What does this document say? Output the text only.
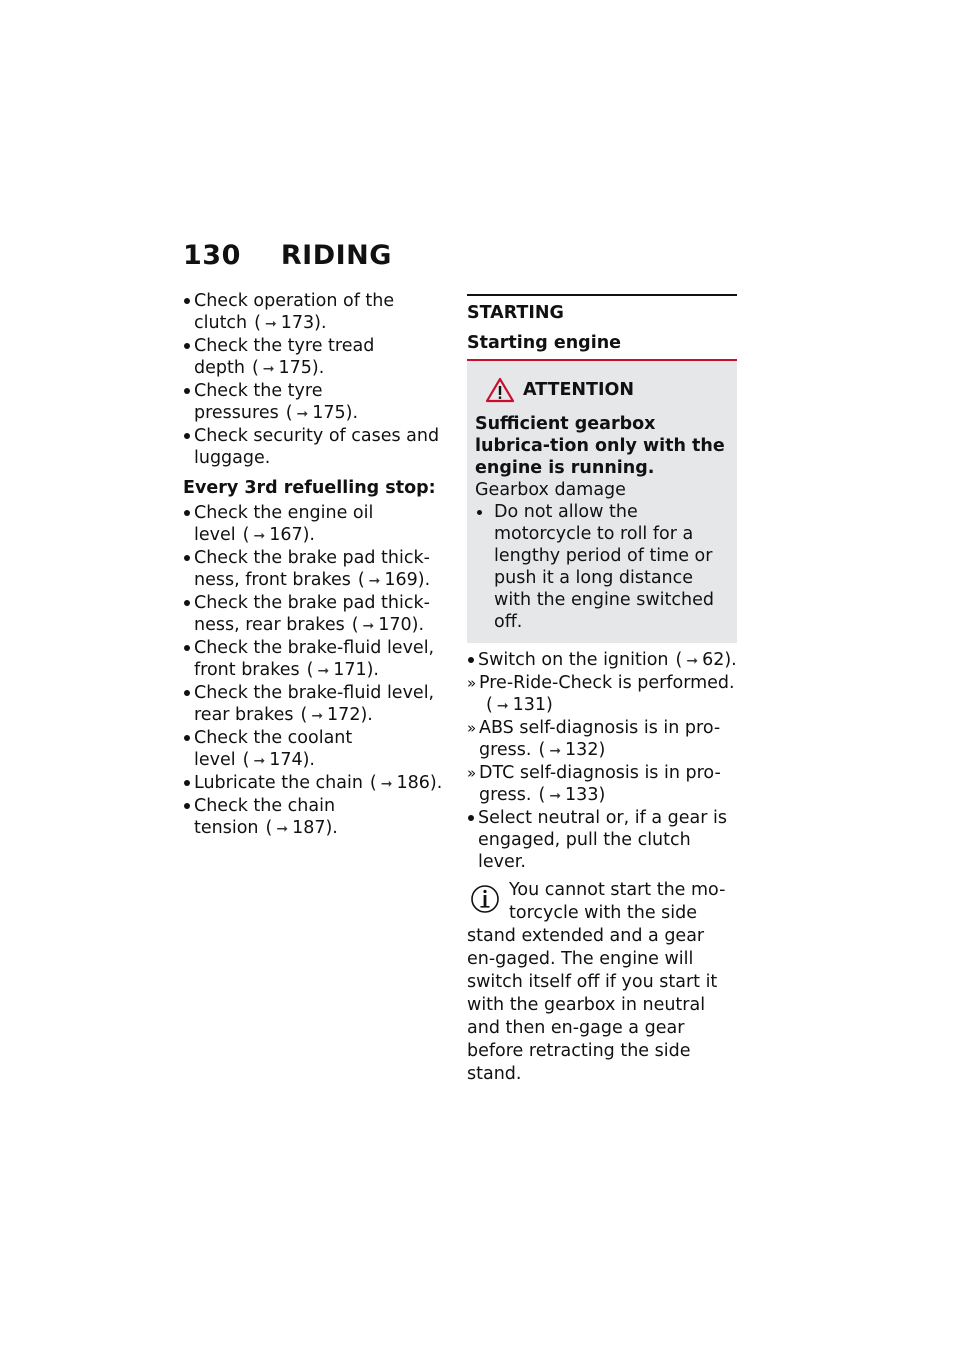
130 RIDING
Check operation of the clutch ( ➞ 173).
Check the tyre tread depth ( ➞ 175).
Check the tyre pressures ( ➞ 175).
Check security of cases and luggage.
Every 3rd refuelling stop:
Check the engine oil level ( ➞ 167).
Check the brake pad thick-ness, front brakes ( ➞ 169).
Check the brake pad thick-ness, rear brakes ( ➞ 170).
Check the brake-fluid level, front brakes ( ➞ 171).
Check the brake-fluid level, rear brakes ( ➞ 172).
Check the coolant level ( ➞ 174).
Lubricate the chain ( ➞ 186).
Check the chain tension ( ➞ 187).
STARTING
Starting engine
ATTENTION
Sufficient gearbox lubrica-tion only with the engine is running.
Gearbox damage
Do not allow the motorcycle to roll for a lengthy period of time or push it a long distance with the engine switched off.
Switch on the ignition ( ➞ 62).
» Pre-Ride-Check is performed.( ➞ 131)
» ABS self-diagnosis is in pro-gress. ( ➞ 132)
» DTC self-diagnosis is in pro-gress. ( ➞ 133)
Select neutral or, if a gear is engaged, pull the clutch lever.
You cannot start the mo-torcycle with the side stand extended and a gear en-gaged. The engine will switch itself off if you start it with the gearbox in neutral and then en-gage a gear before retracting the side stand.
